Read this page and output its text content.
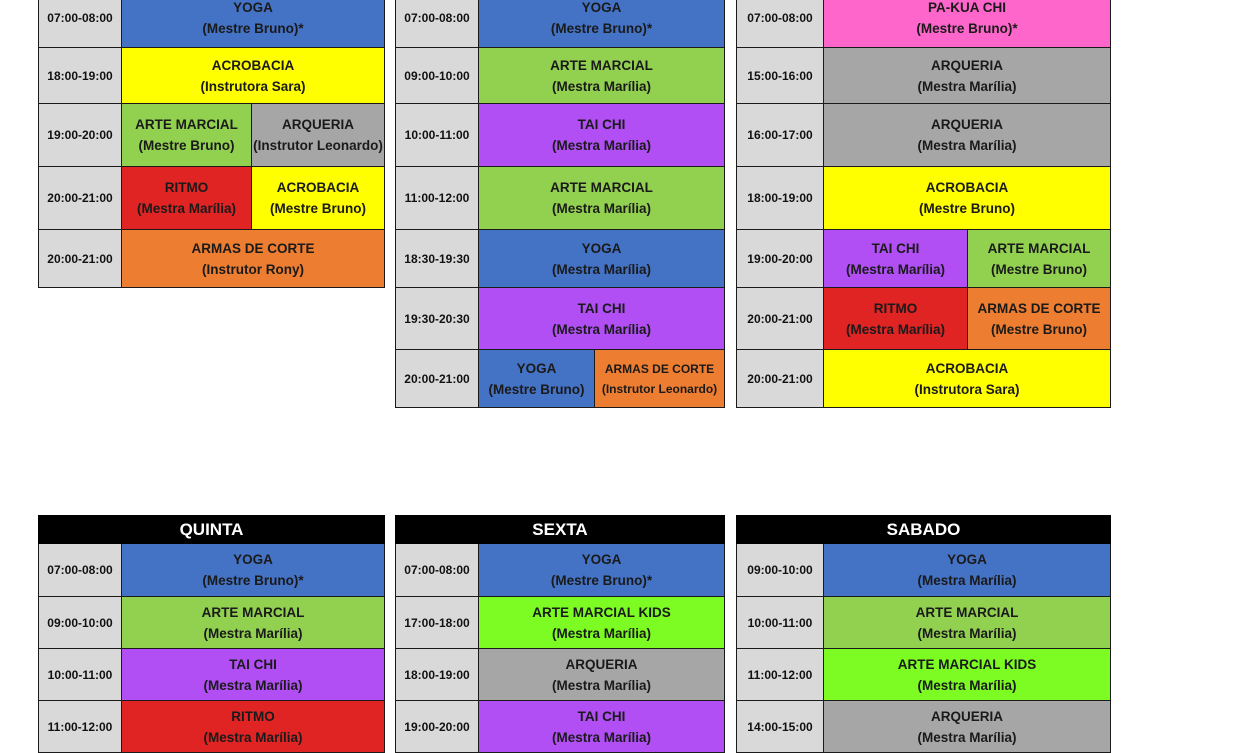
07:00-08:00	YOGA
(Mestre Bruno)*	

18:00-19:00	ACROBACIA
(Instrutora Sara)	

19:00-20:00	ARTE MARCIAL
(Mestre Bruno)	ARQUERIA
(Instrutor Leonardo)

20:00-21:00	RITMO
(Mestra Marília)	ACROBACIA
(Mestre Bruno)

20:00-21:00	ARMAS DE CORTE
(Instrutor Rony)	
07:00-08:00	YOGA
(Mestre Bruno)*	

09:00-10:00	ARTE MARCIAL
(Mestra Marília)	

10:00-11:00	TAI CHI
(Mestra Marília)	

11:00-12:00	ARTE MARCIAL
(Mestra Marília)	

18:30-19:30	YOGA
(Mestra Marília)	

19:30-20:30	TAI CHI
(Mestra Marília)	

20:00-21:00	YOGA
(Mestre Bruno)	ARMAS DE CORTE
(Instrutor Leonardo)
07:00-08:00	PA-KUA CHI
(Mestre Bruno)*	

15:00-16:00	ARQUERIA
(Mestra Marília)	

16:00-17:00	ARQUERIA
(Mestra Marília)	

18:00-19:00	ACROBACIA
(Mestre Bruno)	

19:00-20:00	TAI CHI
(Mestra Marília)	ARTE MARCIAL
(Mestre Bruno)

20:00-21:00	RITMO
(Mestra Marília)	ARMAS DE CORTE
(Mestre Bruno)

20:00-21:00	ACROBACIA
(Instrutora Sara)	
QUINTA	
07:00-08:00	YOGA
(Mestre Bruno)*

09:00-10:00	ARTE MARCIAL
(Mestra Marília)

10:00-11:00	TAI CHI
(Mestra Marília)

11:00-12:00	RITMO
(Mestra Marília)
SEXTA	
07:00-08:00	YOGA
(Mestre Bruno)*

17:00-18:00	ARTE MARCIAL KIDS
(Mestra Marília)

18:00-19:00	ARQUERIA
(Mestra Marília)

19:00-20:00	TAI CHI
(Mestra Marília)
SABADO	
09:00-10:00	YOGA
(Mestra Marília)

10:00-11:00	ARTE MARCIAL
(Mestra Marília)

11:00-12:00	ARTE MARCIAL KIDS
(Mestra Marília)

14:00-15:00	ARQUERIA
(Mestra Marília)
